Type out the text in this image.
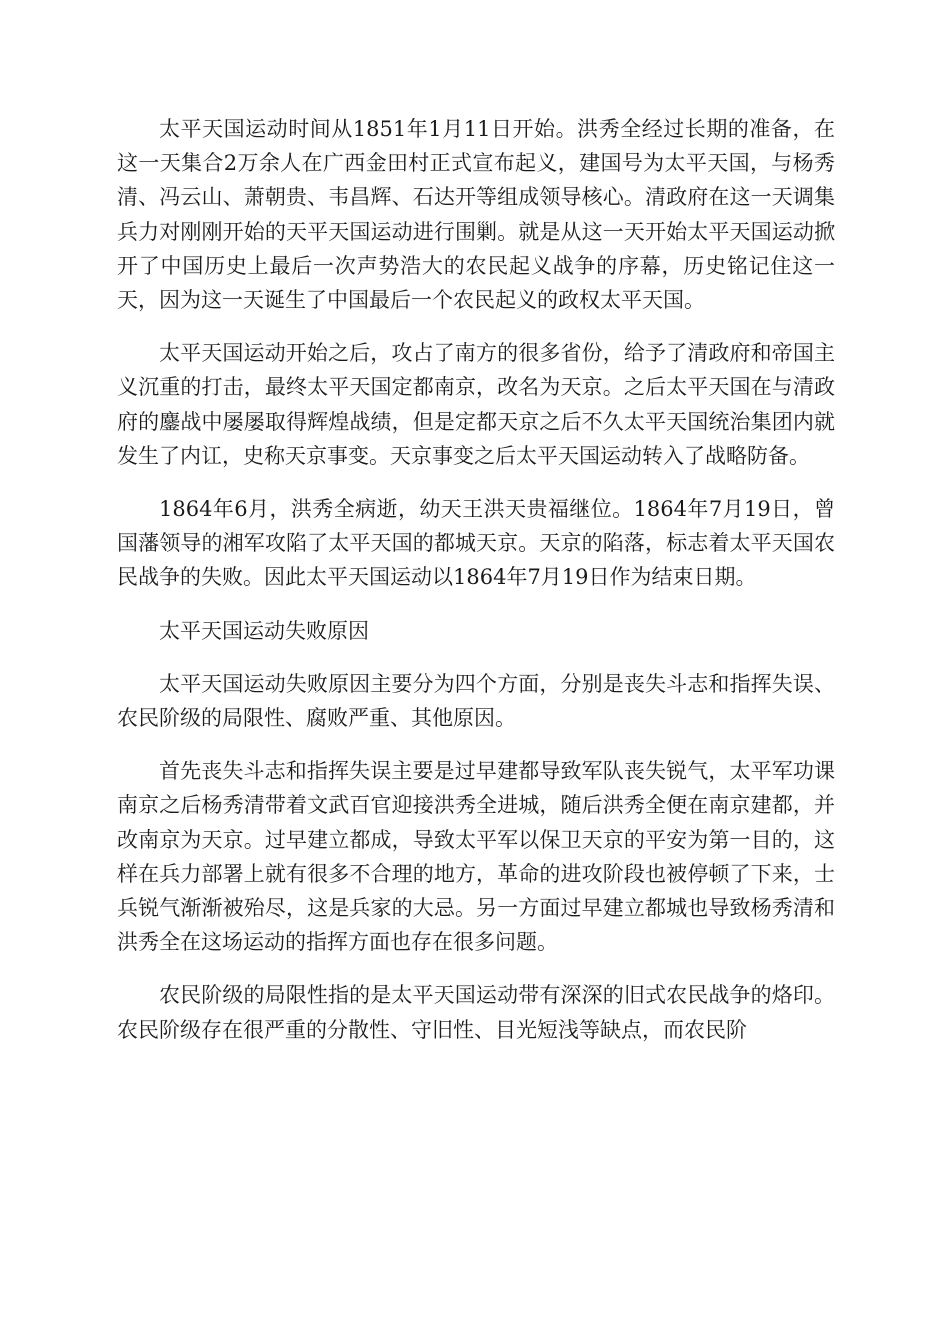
太平天国运动时间从1851年1月11日开始。洪秀全经过长期的准备，在这一天集合2万余人在广西金田村正式宣布起义，建国号为太平天国，与杨秀清、冯云山、萧朝贵、韦昌辉、石达开等组成领导核心。清政府在这一天调集兵力对刚刚开始的天平天国运动进行围剿。就是从这一天开始太平天国运动掀开了中国历史上最后一次声势浩大的农民起义战争的序幕，历史铭记住这一天，因为这一天诞生了中国最后一个农民起义的政权太平天国。

太平天国运动开始之后，攻占了南方的很多省份，给予了清政府和帝国主义沉重的打击，最终太平天国定都南京，改名为天京。之后太平天国在与清政府的鏖战中屡屡取得辉煌战绩，但是定都天京之后不久太平天国统治集团内就发生了内讧，史称天京事变。天京事变之后太平天国运动转入了战略防备。

1864年6月，洪秀全病逝，幼天王洪天贵福继位。1864年7月19日，曾国藩领导的湘军攻陷了太平天国的都城天京。天京的陷落，标志着太平天国农民战争的失败。因此太平天国运动以1864年7月19日作为结束日期。

太平天国运动失败原因

太平天国运动失败原因主要分为四个方面，分别是丧失斗志和指挥失误、农民阶级的局限性、腐败严重、其他原因。

首先丧失斗志和指挥失误主要是过早建都导致军队丧失锐气，太平军功课南京之后杨秀清带着文武百官迎接洪秀全进城，随后洪秀全便在南京建都，并改南京为天京。过早建立都成，导致太平军以保卫天京的平安为第一目的，这样在兵力部署上就有很多不合理的地方，革命的进攻阶段也被停顿了下来，士兵锐气渐渐被殆尽，这是兵家的大忌。另一方面过早建立都城也导致杨秀清和洪秀全在这场运动的指挥方面也存在很多问题。

农民阶级的局限性指的是太平天国运动带有深深的旧式农民战争的烙印。农民阶级存在很严重的分散性、守旧性、目光短浅等缺点，而农民阶
